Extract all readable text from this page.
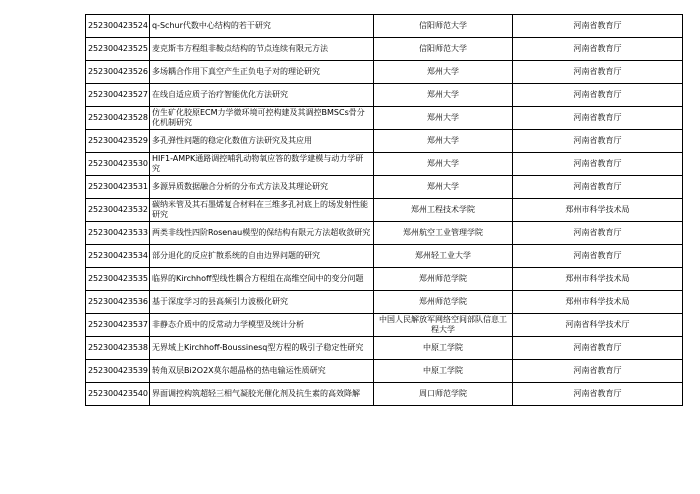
252300423524	q-Schur代数中心结构的若干研究	信阳师范大学	河南省教育厅
252300423525	麦克斯韦方程组非鞍点结构的节点连续有限元方法	信阳师范大学	河南省教育厅
252300423526	多场耦合作用下真空产生正负电子对的理论研究	郑州大学	河南省教育厅
252300423527	在线自适应质子治疗智能优化方法研究	郑州大学	河南省教育厅
252300423528	仿生矿化胶原ECM力学微环境可控构建及其调控BMSCs骨分化机制研究	郑州大学	河南省教育厅
252300423529	多孔弹性问题的稳定化数值方法研究及其应用	郑州大学	河南省教育厅
252300423530	HIF1-AMPK通路调控哺乳动物氧应答的数学建模与动力学研究	郑州大学	河南省教育厅
252300423531	多源异质数据融合分析的分布式方法及其理论研究	郑州大学	河南省教育厅
252300423532	碳纳米管及其石墨烯复合材料在三维多孔衬底上的场发射性能研究	郑州工程技术学院	郑州市科学技术局
252300423533	两类非线性四阶Rosenau模型的保结构有限元方法超收敛研究	郑州航空工业管理学院	河南省教育厅
252300423534	部分退化的反应扩散系统的自由边界问题的研究	郑州轻工业大学	河南省教育厅
252300423535	临界的Kirchhoff型线性耦合方程组在高维空间中的变分问题	郑州师范学院	郑州市科学技术局
252300423536	基于深度学习的县高频引力波极化研究	郑州师范学院	郑州市科学技术局
252300423537	非静态介质中的反常动力学模型及统计分析	中国人民解放军网络空间部队信息工程大学	河南省科学技术厅
252300423538	无界域上Kirchhoff-Boussinesq型方程的吸引子稳定性研究	中原工学院	河南省教育厅
252300423539	转角双层Bi2O2X莫尔超晶格的热电输运性质研究	中原工学院	河南省教育厅
252300423540	界面调控构筑超轻三相气凝胶光催化剂及抗生素的高效降解	周口师范学院	河南省教育厅
